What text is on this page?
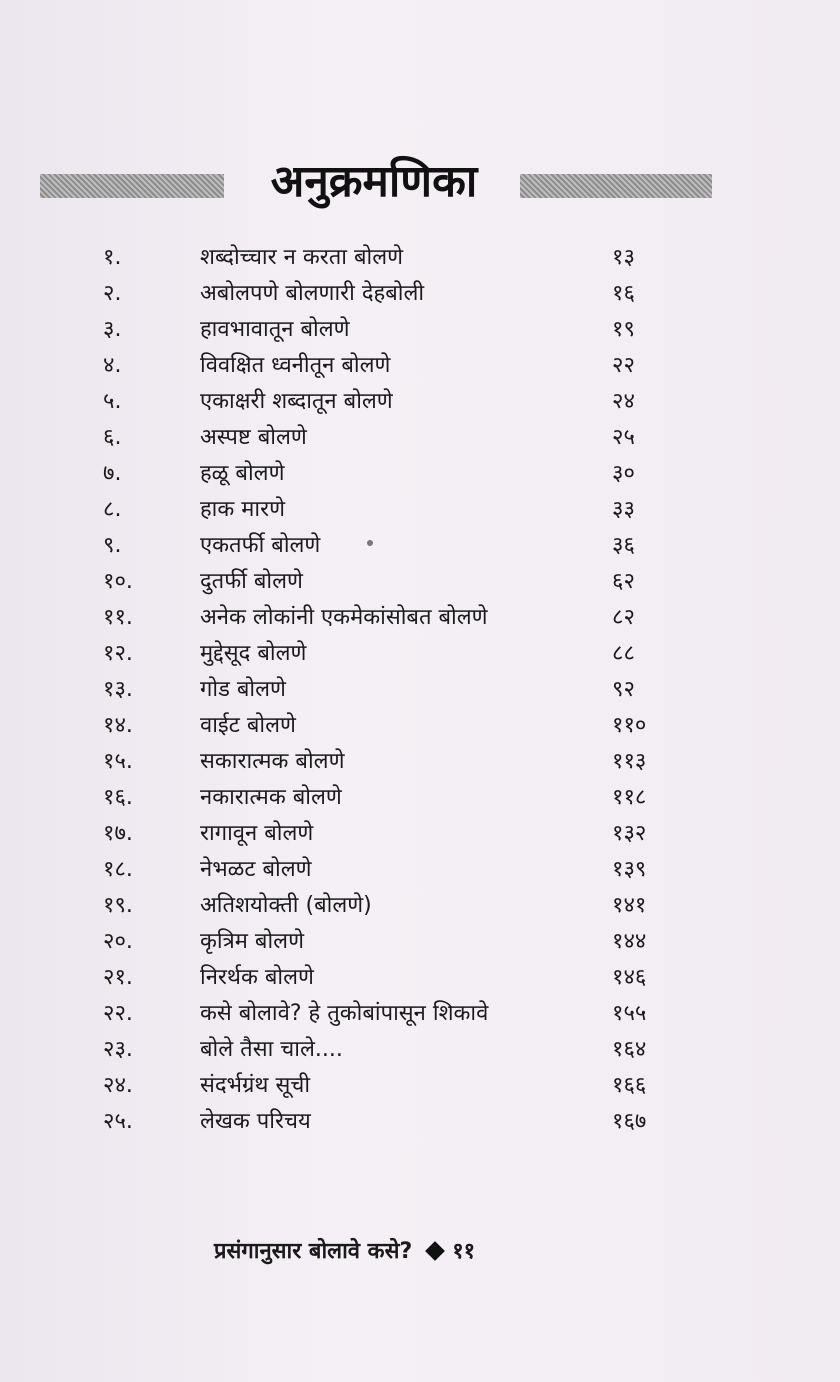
अनुक्रमणिका
१.	शब्दोच्चार न करता बोलणे	१३
२.	अबोलपणे बोलणारी देहबोली	१६
३.	हावभावातून बोलणे	१९
४.	विवक्षित ध्वनीतून बोलणे	२२
५.	एकाक्षरी शब्दातून बोलणे	२४
६.	अस्पष्ट बोलणे	२५
७.	हळू बोलणे	३०
८.	हाक मारणे	३३
९.	एकतर्फी बोलणे	३६
१०.	दुतर्फी बोलणे	६२
११.	अनेक लोकांनी एकमेकांसोबत बोलणे	८२
१२.	मुद्देसूद बोलणे	८८
१३.	गोड बोलणे	९२
१४.	वाईट बोलणे	११०
१५.	सकारात्मक बोलणे	११३
१६.	नकारात्मक बोलणे	११८
१७.	रागावून बोलणे	१३२
१८.	नेभळट बोलणे	१३९
१९.	अतिशयोक्ती (बोलणे)	१४१
२०.	कृत्रिम बोलणे	१४४
२१.	निरर्थक बोलणे	१४६
२२.	कसे बोलावे? हे तुकोबांपासून शिकावे	१५५
२३.	बोले तैसा चाले....	१६४
२४.	संदर्भग्रंथ सूची	१६६
२५.	लेखक परिचय	१६७
प्रसंगानुसार बोलावे कसे? ११
